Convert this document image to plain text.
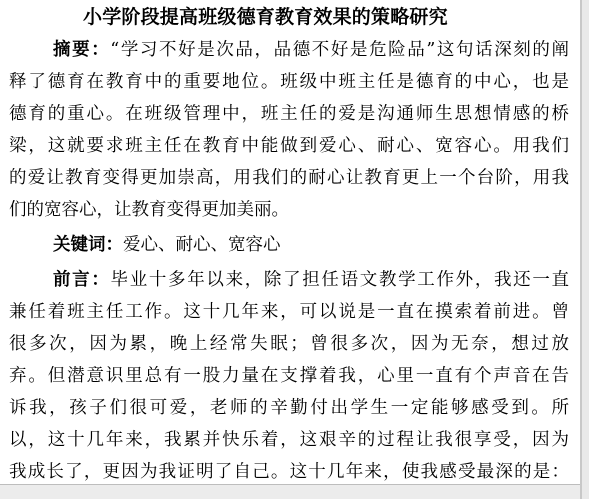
小学阶段提高班级德育教育效果的策略研究
摘要：“学习不好是次品，品德不好是危险品”这句话深刻的阐
释了德育在教育中的重要地位。班级中班主任是德育的中心，也是
德育的重心。在班级管理中，班主任的爱是沟通师生思想情感的桥
梁，这就要求班主任在教育中能做到爱心、耐心、宽容心。用我们
的爱让教育变得更加崇高，用我们的耐心让教育更上一个台阶，用我
们的宽容心，让教育变得更加美丽。
关键词：爱心、耐心、宽容心
前言：毕业十多年以来，除了担任语文教学工作外，我还一直
兼任着班主任工作。这十几年来，可以说是一直在摸索着前进。曾
很多次，因为累，晚上经常失眠；曾很多次，因为无奈，想过放
弃。但潜意识里总有一股力量在支撑着我，心里一直有个声音在告
诉我，孩子们很可爱，老师的辛勤付出学生一定能够感受到。所
以，这十几年来，我累并快乐着，这艰辛的过程让我很享受，因为
我成长了，更因为我证明了自己。这十几年来，使我感受最深的是：
